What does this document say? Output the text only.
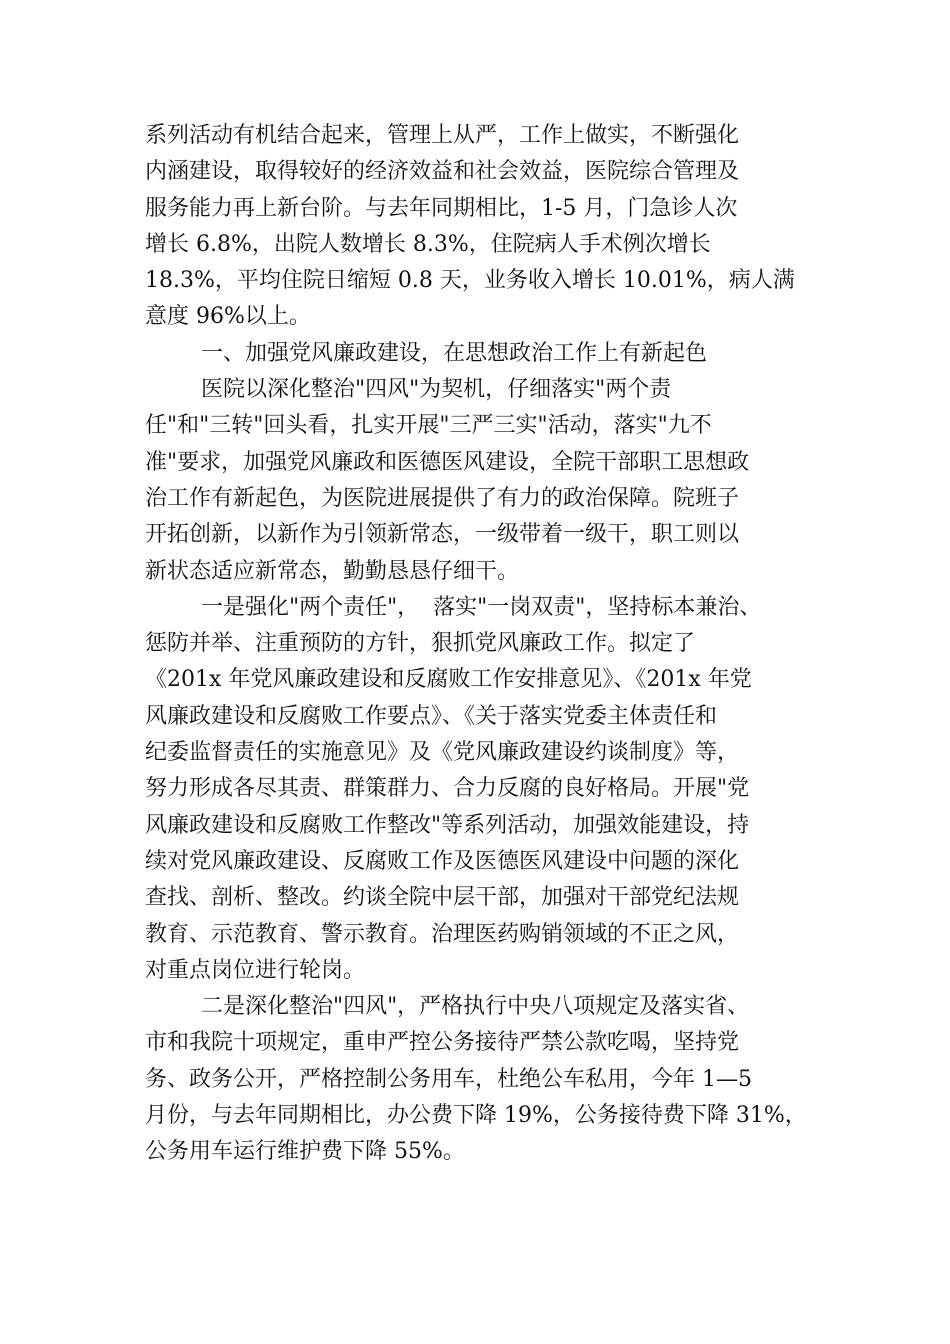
系列活动有机结合起来，管理上从严，工作上做实，不断强化
内涵建设，取得较好的经济效益和社会效益，医院综合管理及
服务能力再上新台阶。与去年同期相比，1-5 月，门急诊人次
增长 6.8%，出院人数增长 8.3%，住院病人手术例次增长
18.3%，平均住院日缩短 0.8 天，业务收入增长 10.01%，病人满
意度 96%以上。
一、加强党风廉政建设，在思想政治工作上有新起色
医院以深化整治"四风"为契机，仔细落实"两个责
任"和"三转"回头看，扎实开展"三严三实"活动，落实"九不
准"要求，加强党风廉政和医德医风建设，全院干部职工思想政
治工作有新起色，为医院进展提供了有力的政治保障。院班子
开拓创新，以新作为引领新常态，一级带着一级干，职工则以
新状态适应新常态，勤勤恳恳仔细干。
一是强化"两个责任"，  落实"一岗双责"，坚持标本兼治、
惩防并举、注重预防的方针，狠抓党风廉政工作。拟定了
《201x 年党风廉政建设和反腐败工作安排意见》、《201x 年党
风廉政建设和反腐败工作要点》、《关于落实党委主体责任和
纪委监督责任的实施意见》及《党风廉政建设约谈制度》等，
努力形成各尽其责、群策群力、合力反腐的良好格局。开展"党
风廉政建设和反腐败工作整改"等系列活动，加强效能建设，持
续对党风廉政建设、反腐败工作及医德医风建设中问题的深化
查找、剖析、整改。约谈全院中层干部，加强对干部党纪法规
教育、示范教育、警示教育。治理医药购销领域的不正之风，
对重点岗位进行轮岗。
二是深化整治"四风"，严格执行中央八项规定及落实省、
市和我院十项规定，重申严控公务接待严禁公款吃喝，坚持党
务、政务公开，严格控制公务用车，杜绝公车私用，今年 1—5
月份，与去年同期相比，办公费下降 19%，公务接待费下降 31%，
公务用车运行维护费下降 55%。
